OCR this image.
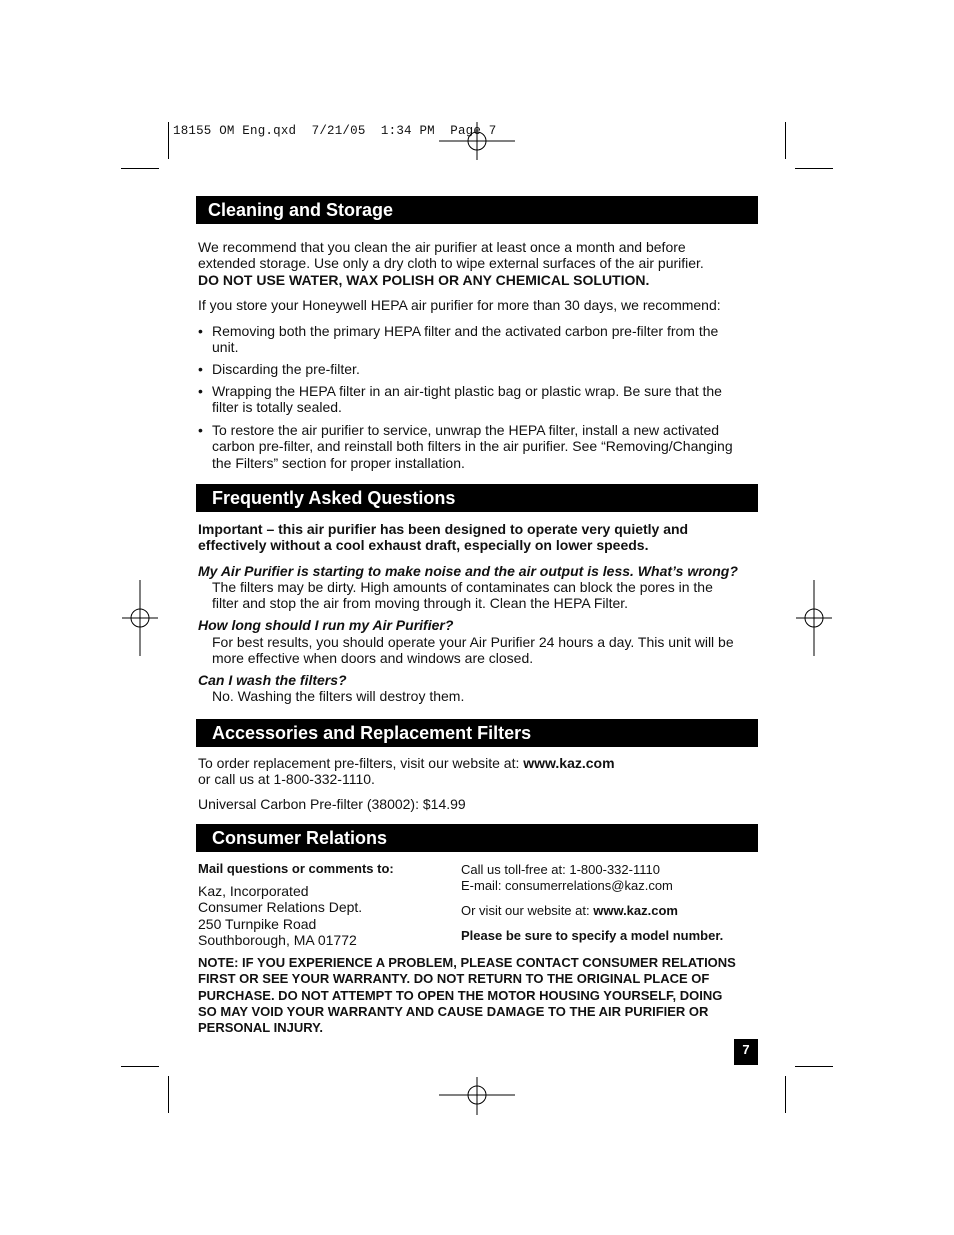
18155 OM Eng.qxd  7/21/05  1:34 PM  Page 7
Cleaning and Storage
We recommend that you clean the air purifier at least once a month and before
extended storage. Use only a dry cloth to wipe external surfaces of the air purifier.
DO NOT USE WATER, WAX POLISH OR ANY CHEMICAL SOLUTION.
If you store your Honeywell HEPA air purifier for more than 30 days, we recommend:
• Removing both the primary HEPA filter and the activated carbon pre-filter from the
unit.
• Discarding the pre-filter.
• Wrapping the HEPA filter in an air-tight plastic bag or plastic wrap. Be sure that the
filter is totally sealed.
• To restore the air purifier to service, unwrap the HEPA filter, install a new activated
carbon pre-filter, and reinstall both filters in the air purifier. See “Removing/Changing
the Filters” section for proper installation.
Frequently Asked Questions
Important – this air purifier has been designed to operate very quietly and
effectively without a cool exhaust draft, especially on lower speeds.
My Air Purifier is starting to make noise and the air output is less. What’s wrong?
The filters may be dirty. High amounts of contaminates can block the pores in the
filter and stop the air from moving through it. Clean the HEPA Filter.
How long should I run my Air Purifier?
For best results, you should operate your Air Purifier 24 hours a day. This unit will be
more effective when doors and windows are closed.
Can I wash the filters?
No. Washing the filters will destroy them.
Accessories and Replacement Filters
To order replacement pre-filters, visit our website at: www.kaz.com
or call us at 1-800-332-1110.
Universal Carbon Pre-filter (38002): $14.99
Consumer Relations
Mail questions or comments to:
Kaz, Incorporated
Consumer Relations Dept.
250 Turnpike Road
Southborough, MA 01772
Call us toll-free at: 1-800-332-1110
E-mail: consumerrelations@kaz.com
Or visit our website at: www.kaz.com
Please be sure to specify a model number.
NOTE: IF YOU EXPERIENCE A PROBLEM, PLEASE CONTACT CONSUMER RELATIONS
FIRST OR SEE YOUR WARRANTY. DO NOT RETURN TO THE ORIGINAL PLACE OF
PURCHASE. DO NOT ATTEMPT TO OPEN THE MOTOR HOUSING YOURSELF, DOING
SO MAY VOID YOUR WARRANTY AND CAUSE DAMAGE TO THE AIR PURIFIER OR
PERSONAL INJURY.
7
